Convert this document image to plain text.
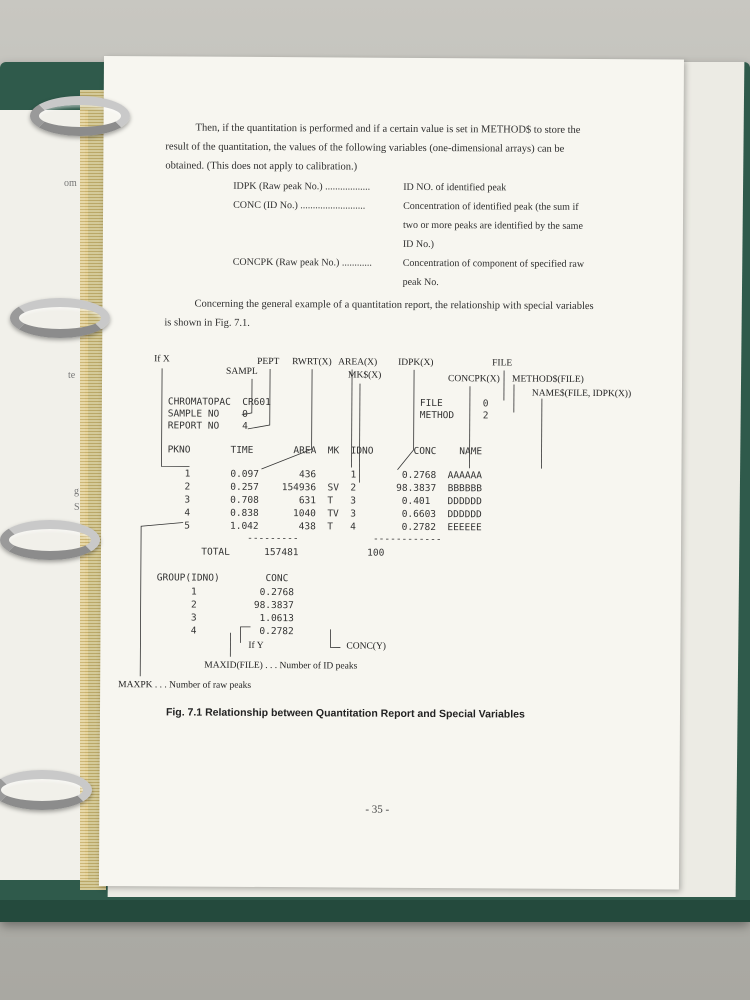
om
te
g
S
Then, if the quantitation is performed and if a certain value is set in METHOD$ to store the
result of the quantitation, the values of the following variables (one-dimensional arrays) can be
obtained. (This does not apply to calibration.)
IDPK (Raw peak No.) ..................	ID NO. of identified peak
CONC (ID No.) ..........................	Concentration of identified peak (the sum if
two or more peaks are identified by the same
ID No.)
CONCPK (Raw peak No.) ............	Concentration of component of specified raw
peak No.
Concerning the general example of a quantitation report, the relationship with special variables
is shown in Fig. 7.1.
If X
SAMPL
PEPT RWRT(X) AREA(X)
MK$(X)
IDPK(X)	FILE
CONCPK(X) METHOD$(FILE)
NAME$(FILE, IDPK(X))
CHROMATOPAC  CR601	FILE       0
SAMPLE NO    0	METHOD     2
REPORT NO    4
PKNO       TIME       AREA  MK  IDNO       CONC    NAME
1       0.097       436      1        0.2768  AAAAAA
2       0.257    154936  SV  2       98.3837  BBBBBB
3       0.708       631  T   3        0.401   DDDDDD
4       0.838      1040  TV  3        0.6603  DDDDDD
5       1.042       438  T   4        0.2782  EEEEEE
---------             ------------
TOTAL      157481            100
GROUP(IDNO)        CONC
1           0.2768
2          98.3837
3           1.0613
4           0.2782
If Y	CONC(Y)
MAXID(FILE) . . . Number of ID peaks
MAXPK . . . Number of raw peaks
Fig. 7.1 Relationship between Quantitation Report and Special Variables
- 35 -
